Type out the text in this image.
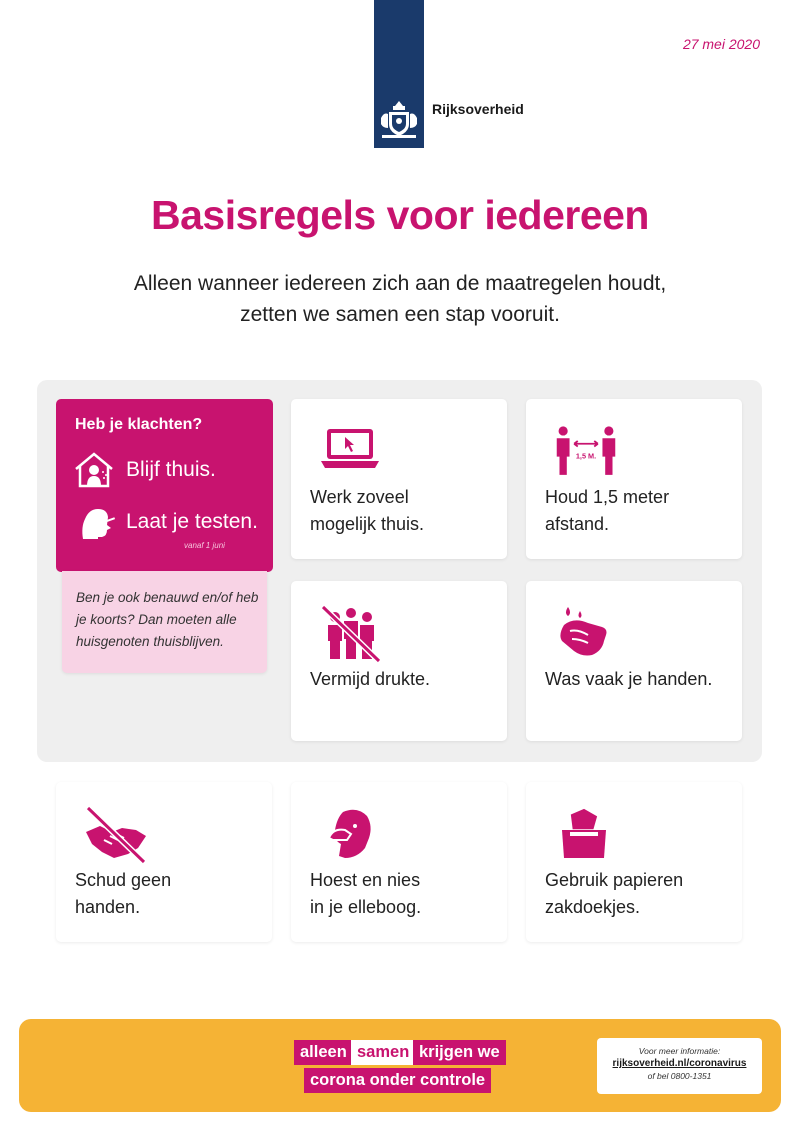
Rijksoverheid
27 mei 2020
Basisregels voor iedereen
Alleen wanneer iedereen zich aan de maatregelen houdt,
zetten we samen een stap vooruit.
Heb je klachten?
Blijf thuis.
Laat je testen.
vanaf 1 juni
Ben je ook benauwd en/of heb je koorts? Dan moeten alle huisgenoten thuisblijven.
Werk zoveel
mogelijk thuis.
1,5 M.
Houd 1,5 meter
afstand.
Vermijd drukte.	Was vaak je handen.
Schud geen
handen.
Hoest en nies
in je elleboog.
Gebruik papieren
zakdoekjes.
alleen samen krijgen we
corona onder controle
Voor meer informatie:
rijksoverheid.nl/coronavirus
of bel 0800-1351
